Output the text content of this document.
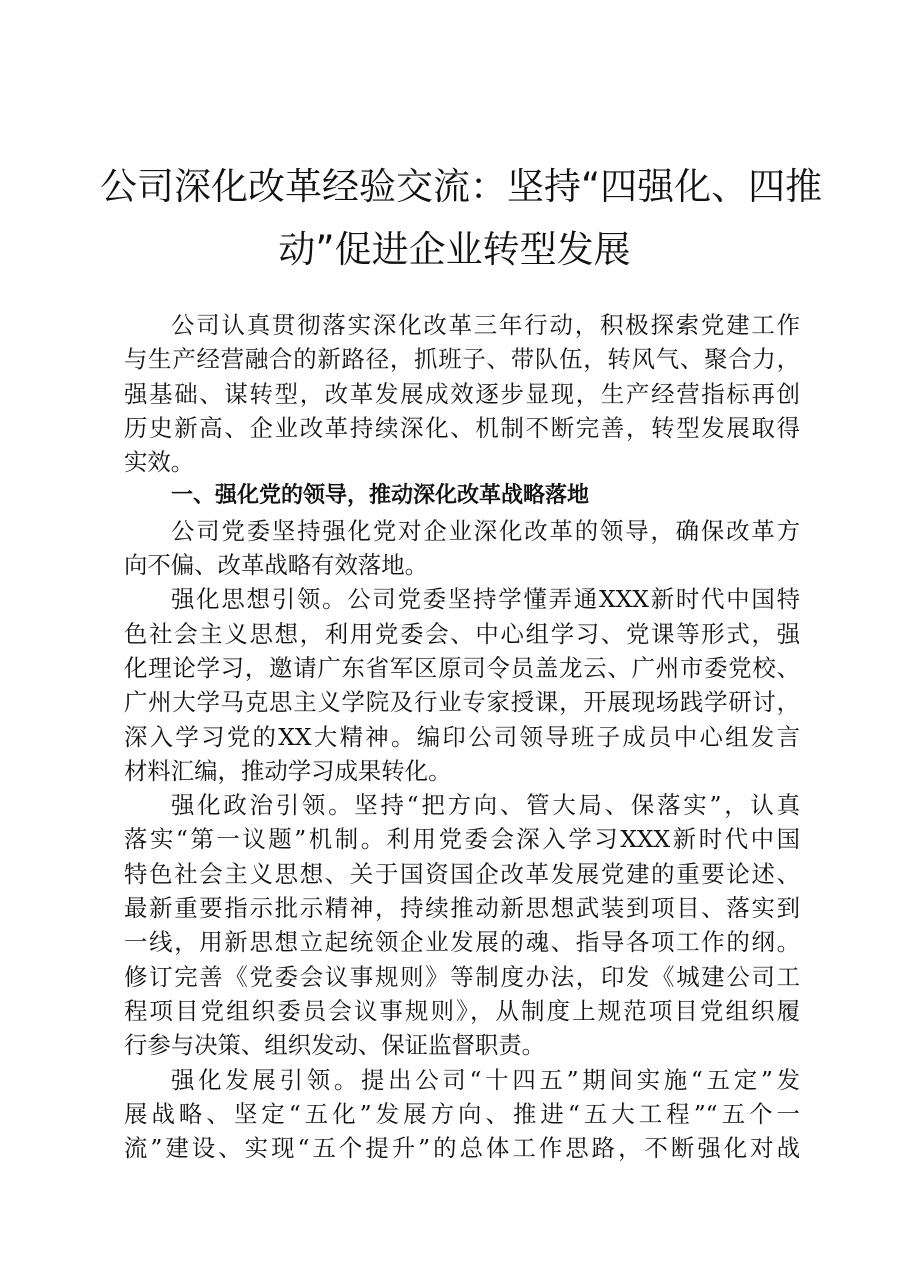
公司深化改革经验交流：坚持“四强化、四推
动”促进企业转型发展
公司认真贯彻落实深化改革三年行动，积极探索党建工作
与生产经营融合的新路径，抓班子、带队伍，转风气、聚合力，
强基础、谋转型，改革发展成效逐步显现，生产经营指标再创
历史新高、企业改革持续深化、机制不断完善，转型发展取得
实效。
一、强化党的领导，推动深化改革战略落地
公司党委坚持强化党对企业深化改革的领导，确保改革方
向不偏、改革战略有效落地。
强化思想引领。公司党委坚持学懂弄通XXX新时代中国特
色社会主义思想，利用党委会、中心组学习、党课等形式，强
化理论学习，邀请广东省军区原司令员盖龙云、广州市委党校、
广州大学马克思主义学院及行业专家授课，开展现场践学研讨，
深入学习党的XX大精神。编印公司领导班子成员中心组发言
材料汇编，推动学习成果转化。
强化政治引领。坚持“把方向、管大局、保落实”，认真
落实“第一议题”机制。利用党委会深入学习XXX新时代中国
特色社会主义思想、关于国资国企改革发展党建的重要论述、
最新重要指示批示精神，持续推动新思想武装到项目、落实到
一线，用新思想立起统领企业发展的魂、指导各项工作的纲。
修订完善《党委会议事规则》等制度办法，印发《城建公司工
程项目党组织委员会议事规则》，从制度上规范项目党组织履
行参与决策、组织发动、保证监督职责。
强化发展引领。提出公司“十四五”期间实施“五定”发
展战略、坚定“五化”发展方向、推进“五大工程”“五个一
流”建设、实现“五个提升”的总体工作思路，不断强化对战
